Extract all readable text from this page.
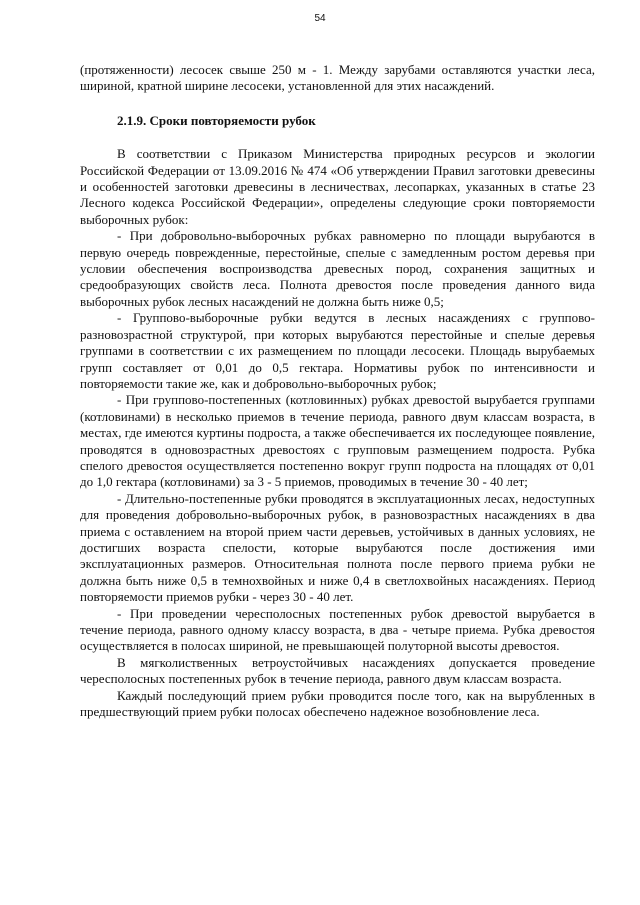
54

(протяженности) лесосек свыше 250 м - 1. Между зарубами оставляются участки леса, шириной, кратной ширине лесосеки, установленной для этих насаждений.

2.1.9. Сроки повторяемости рубок

В соответствии с Приказом Министерства природных ресурсов и экологии Российской Федерации от 13.09.2016 № 474 «Об утверждении Правил заготовки древесины и особенностей заготовки древесины в лесничествах, лесопарках, указанных в статье 23 Лесного кодекса Российской Федерации», определены следующие сроки повторяемости выборочных рубок:

- При добровольно-выборочных рубках равномерно по площади вырубаются в первую очередь поврежденные, перестойные, спелые с замедленным ростом деревья при условии обеспечения воспроизводства древесных пород, сохранения защитных и средообразующих свойств леса. Полнота древостоя после проведения данного вида выборочных рубок лесных насаждений не должна быть ниже 0,5;

- Группово-выборочные рубки ведутся в лесных насаждениях с группово-разновозрастной структурой, при которых вырубаются перестойные и спелые деревья группами в соответствии с их размещением по площади лесосеки. Площадь вырубаемых групп составляет от 0,01 до 0,5 гектара. Нормативы рубок по интенсивности и повторяемости такие же, как и добровольно-выборочных рубок;

- При группово-постепенных (котловинных) рубках древостой вырубается группами (котловинами) в несколько приемов в течение периода, равного двум классам возраста, в местах, где имеются куртины подроста, а также обеспечивается их последующее появление, проводятся в одновозрастных древостоях с групповым размещением подроста. Рубка спелого древостоя осуществляется постепенно вокруг групп подроста на площадях от 0,01 до 1,0 гектара (котловинами) за 3 - 5 приемов, проводимых в течение 30 - 40 лет;

- Длительно-постепенные рубки проводятся в эксплуатационных лесах, недоступных для проведения добровольно-выборочных рубок, в разновозрастных насаждениях в два приема с оставлением на второй прием части деревьев, устойчивых в данных условиях, не достигших возраста спелости, которые вырубаются после достижения ими эксплуатационных размеров. Относительная полнота после первого приема рубки не должна быть ниже 0,5 в темнохвойных и ниже 0,4 в светлохвойных насаждениях. Период повторяемости приемов рубки - через 30 - 40 лет.

- При проведении чересполосных постепенных рубок древостой вырубается в течение периода, равного одному классу возраста, в два - четыре приема. Рубка древостоя осуществляется в полосах шириной, не превышающей полуторной высоты древостоя.

В мягколиственных ветроустойчивых насаждениях допускается проведение чересполосных постепенных рубок в течение периода, равного двум классам возраста.

Каждый последующий прием рубки проводится после того, как на вырубленных в предшествующий прием рубки полосах обеспечено надежное возобновление леса.
